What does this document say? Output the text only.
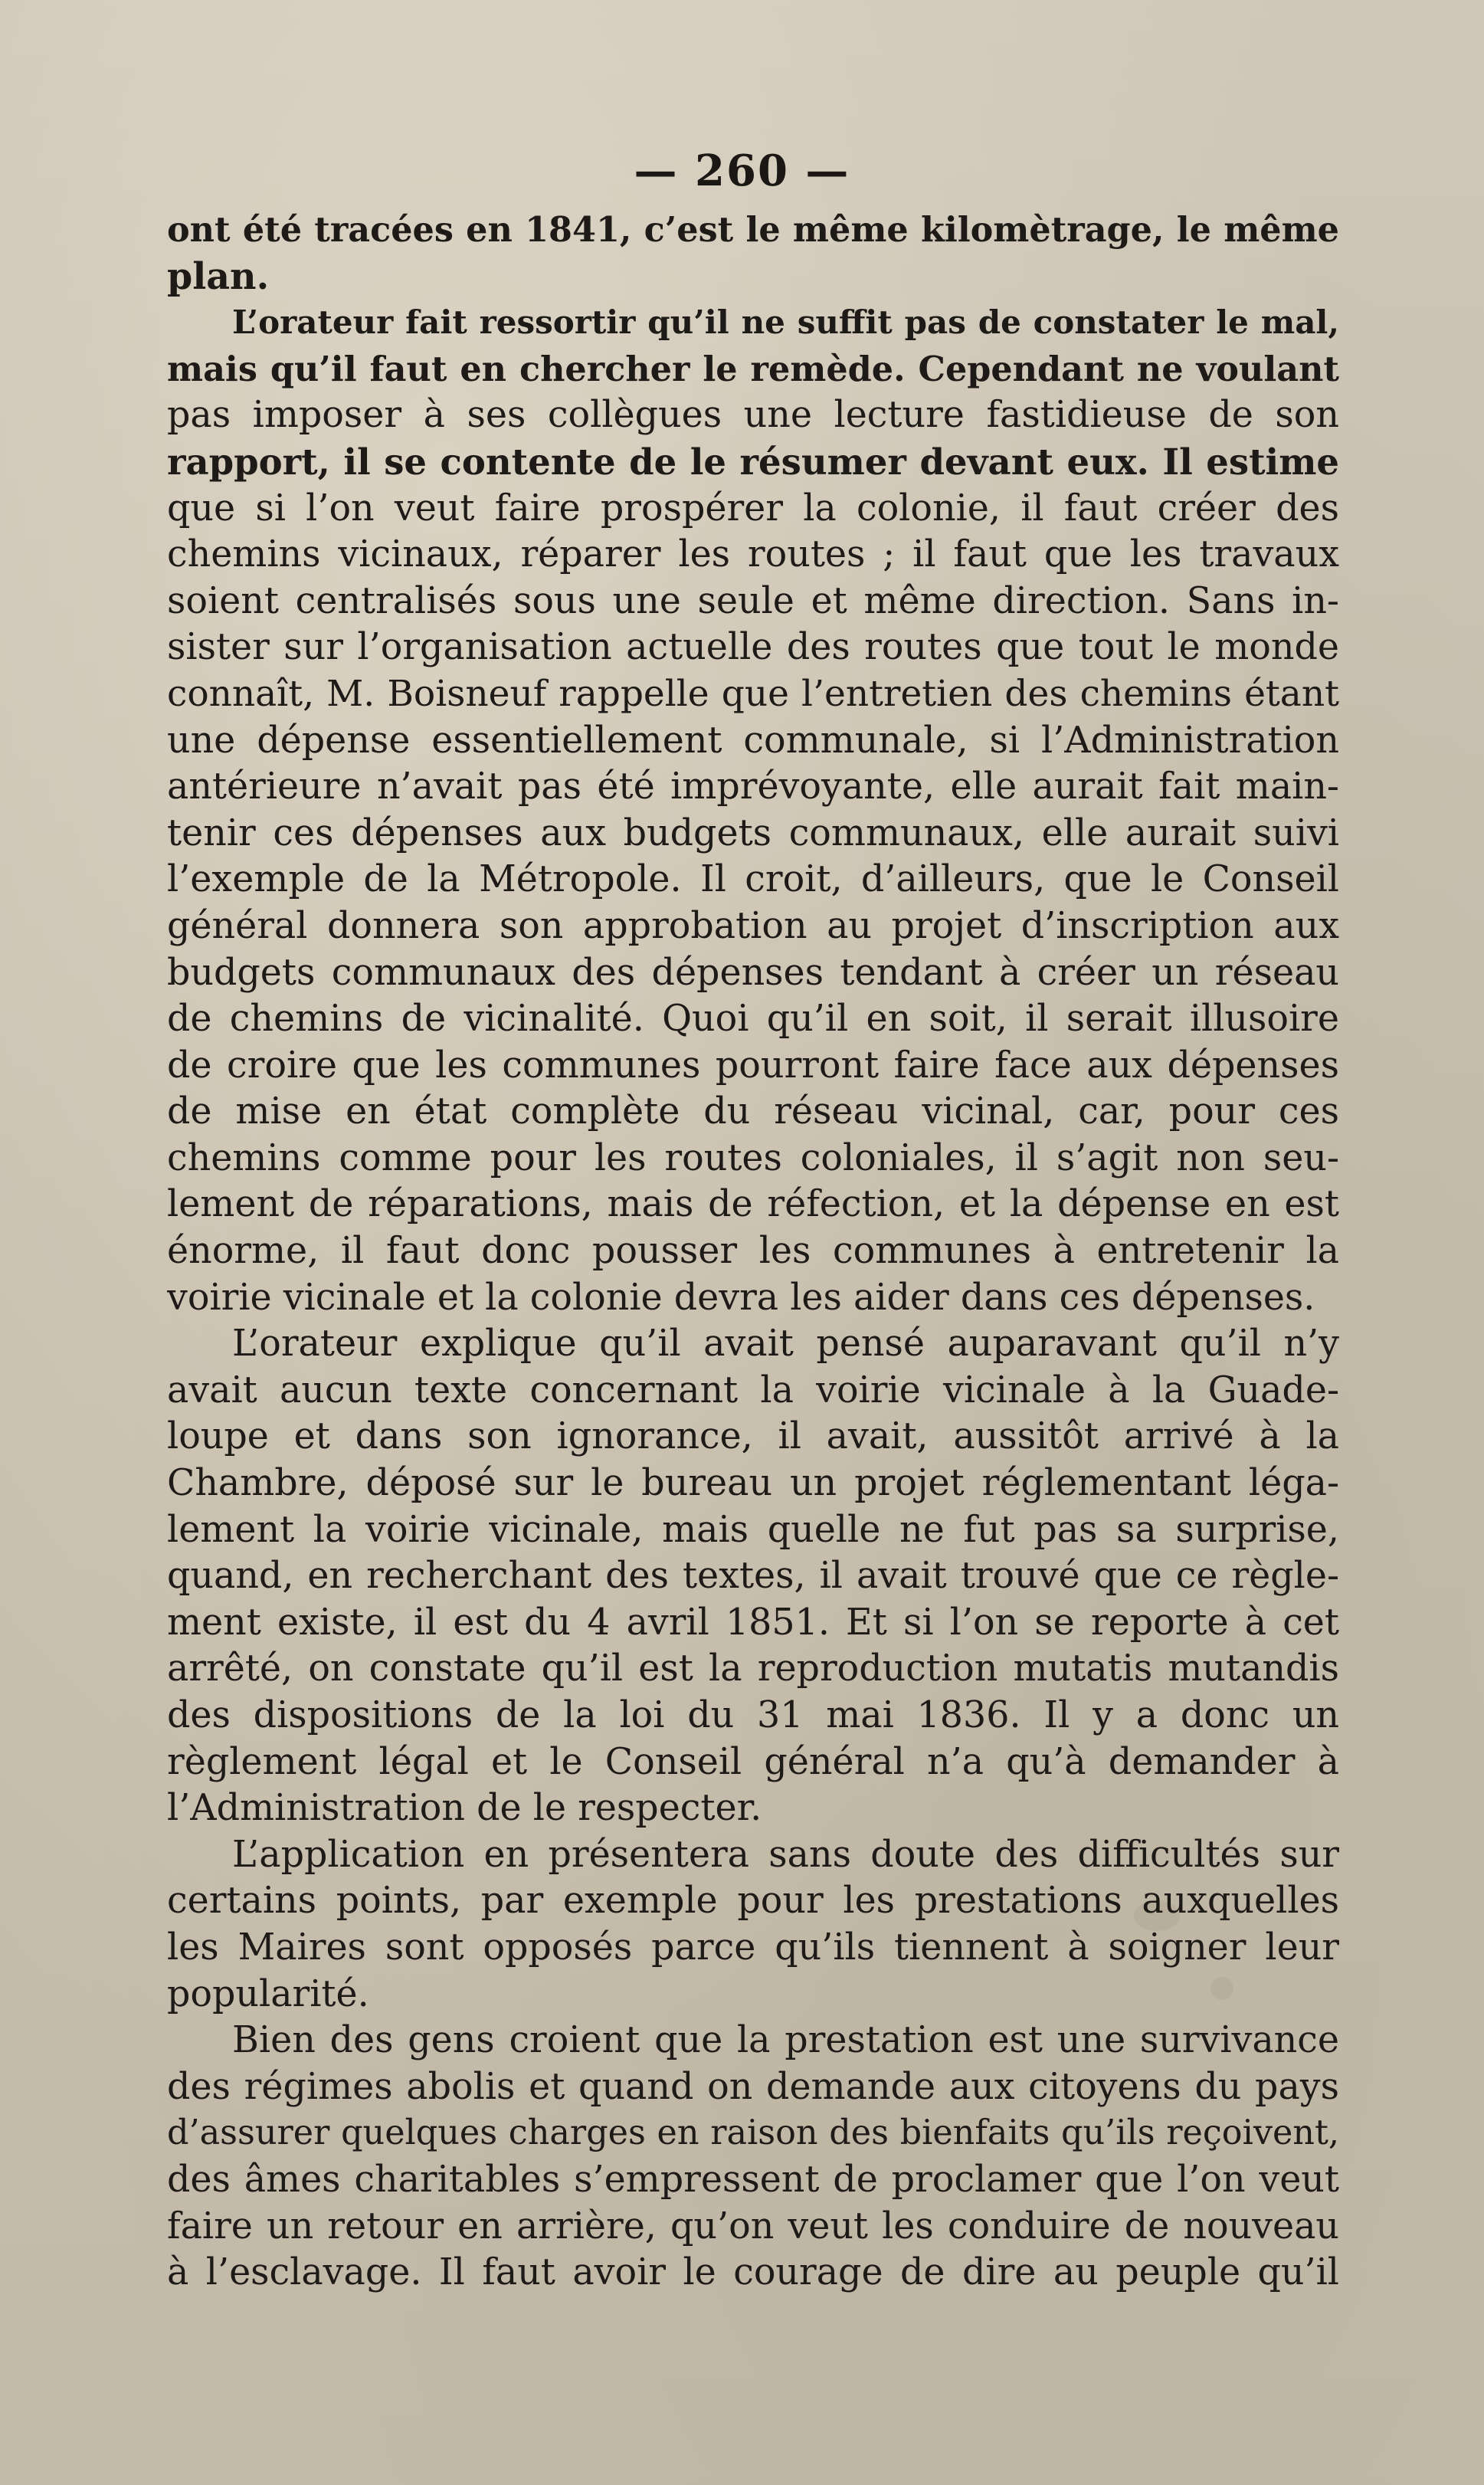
— 260 —
ont été tracées en 1841, c’est le même kilomètrage, le même
plan.
L’orateur fait ressortir qu’il ne suffit pas de constater le mal,
mais qu’il faut en chercher le remède. Cependant ne voulant
pas imposer à ses collègues une lecture fastidieuse de son
rapport, il se contente de le résumer devant eux. Il estime
que si l’on veut faire prospérer la colonie, il faut créer des
chemins vicinaux, réparer les routes ; il faut que les travaux
soient centralisés sous une seule et même direction. Sans in-
sister sur l’organisation actuelle des routes que tout le monde
connaît, M. Boisneuf rappelle que l’entretien des chemins étant
une dépense essentiellement communale, si l’Administration
antérieure n’avait pas été imprévoyante, elle aurait fait main-
tenir ces dépenses aux budgets communaux, elle aurait suivi
l’exemple de la Métropole. Il croit, d’ailleurs, que le Conseil
général donnera son approbation au projet d’inscription aux
budgets communaux des dépenses tendant à créer un réseau
de chemins de vicinalité. Quoi qu’il en soit, il serait illusoire
de croire que les communes pourront faire face aux dépenses
de mise en état complète du réseau vicinal, car, pour ces
chemins comme pour les routes coloniales, il s’agit non seu-
lement de réparations, mais de réfection, et la dépense en est
énorme, il faut donc pousser les communes à entretenir la
voirie vicinale et la colonie devra les aider dans ces dépenses.
L’orateur explique qu’il avait pensé auparavant qu’il n’y
avait aucun texte concernant la voirie vicinale à la Guade-
loupe et dans son ignorance, il avait, aussitôt arrivé à la
Chambre, déposé sur le bureau un projet réglementant léga-
lement la voirie vicinale, mais quelle ne fut pas sa surprise,
quand, en recherchant des textes, il avait trouvé que ce règle-
ment existe, il est du 4 avril 1851. Et si l’on se reporte à cet
arrêté, on constate qu’il est la reproduction mutatis mutandis
des dispositions de la loi du 31 mai 1836. Il y a donc un
règlement légal et le Conseil général n’a qu’à demander à
l’Administration de le respecter.
L’application en présentera sans doute des difficultés sur
certains points, par exemple pour les prestations auxquelles
les Maires sont opposés parce qu’ils tiennent à soigner leur
popularité.
Bien des gens croient que la prestation est une survivance
des régimes abolis et quand on demande aux citoyens du pays
d’assurer quelques charges en raison des bienfaits qu’ils reçoivent,
des âmes charitables s’empressent de proclamer que l’on veut
faire un retour en arrière, qu’on veut les conduire de nouveau
à l’esclavage. Il faut avoir le courage de dire au peuple qu’il
